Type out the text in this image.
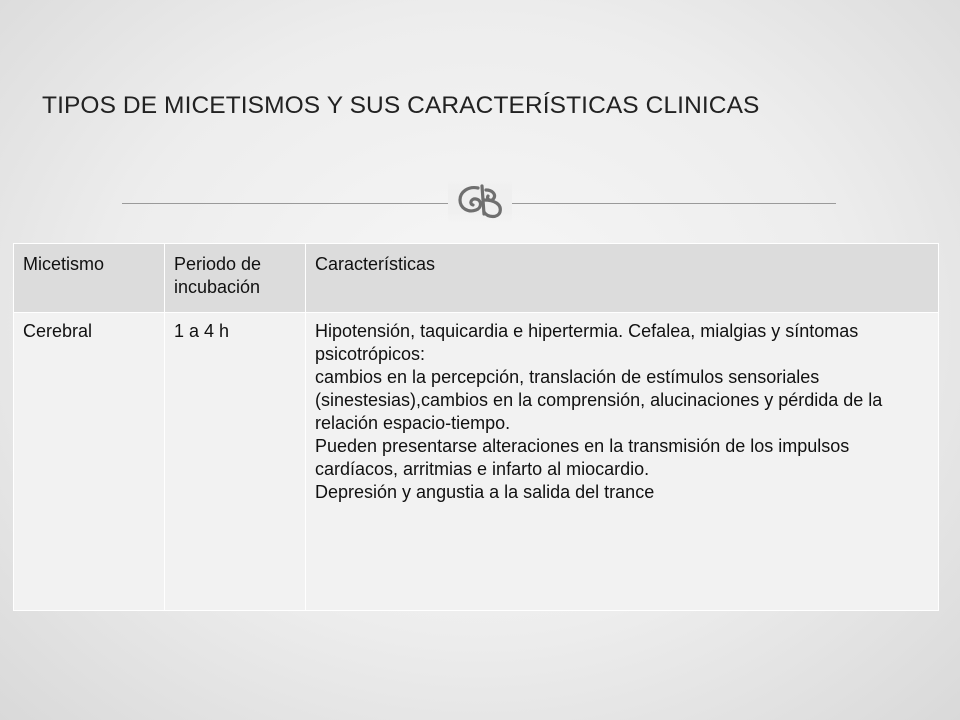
TIPOS DE MICETISMOS Y SUS CARACTERÍSTICAS CLINICAS
Micetismo	Periodo de incubación	Características
Cerebral	1 a 4 h	Hipotensión, taquicardia e hipertermia. Cefalea, mialgias y síntomas psicotrópicos:
cambios en la percepción, translación de estímulos sensoriales (sinestesias),cambios en la comprensión, alucinaciones y pérdida de la relación espacio-tiempo.
Pueden presentarse alteraciones en la transmisión de los impulsos cardíacos, arritmias e infarto al miocardio.
Depresión y angustia a la salida del trance
